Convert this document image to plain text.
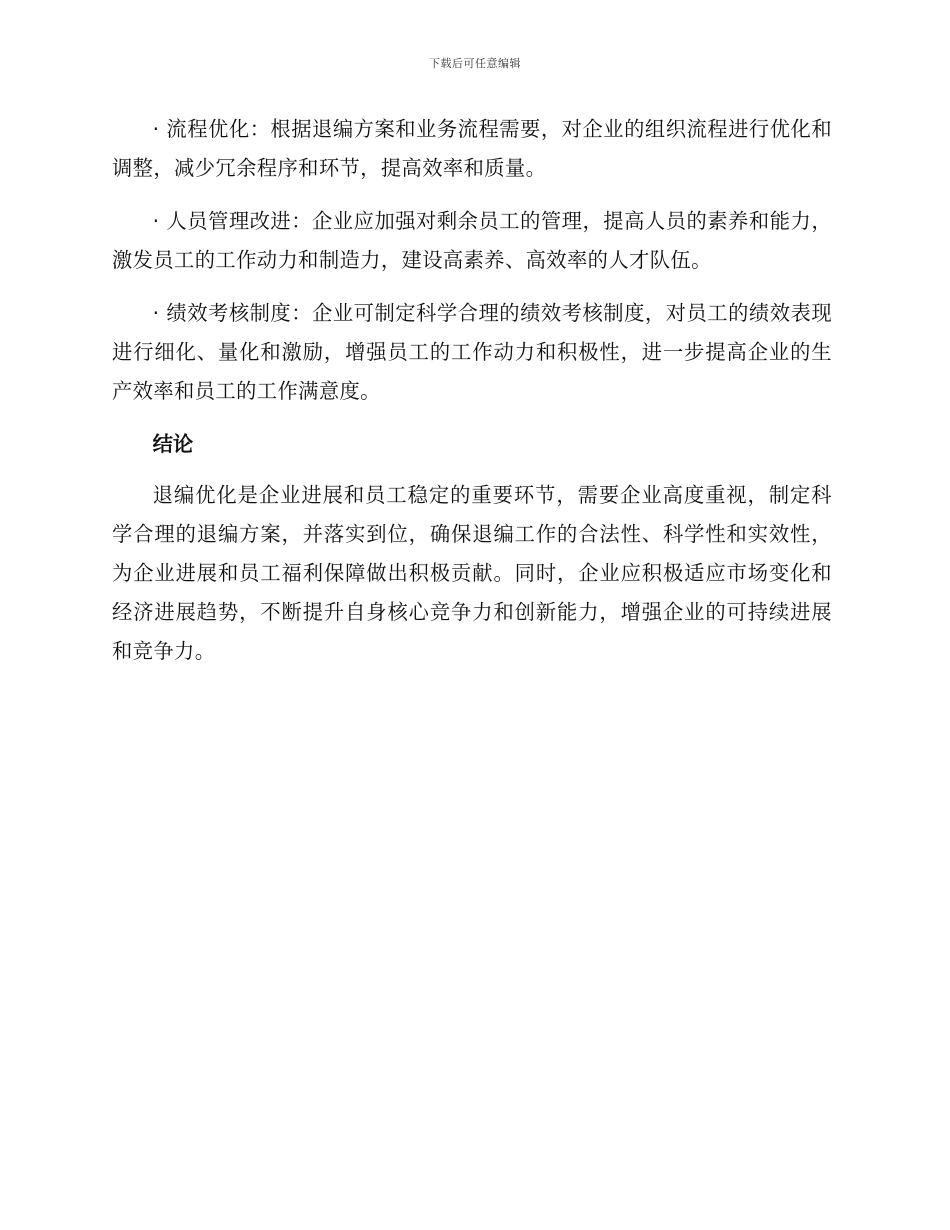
下载后可任意编辑

· 流程优化：根据退编方案和业务流程需要，对企业的组织流程进行优化和调整，减少冗余程序和环节，提高效率和质量。

· 人员管理改进：企业应加强对剩余员工的管理，提高人员的素养和能力，激发员工的工作动力和制造力，建设高素养、高效率的人才队伍。

· 绩效考核制度：企业可制定科学合理的绩效考核制度，对员工的绩效表现进行细化、量化和激励，增强员工的工作动力和积极性，进一步提高企业的生产效率和员工的工作满意度。

结论

退编优化是企业进展和员工稳定的重要环节，需要企业高度重视，制定科学合理的退编方案，并落实到位，确保退编工作的合法性、科学性和实效性，为企业进展和员工福利保障做出积极贡献。同时，企业应积极适应市场变化和经济进展趋势，不断提升自身核心竞争力和创新能力，增强企业的可持续进展和竞争力。
